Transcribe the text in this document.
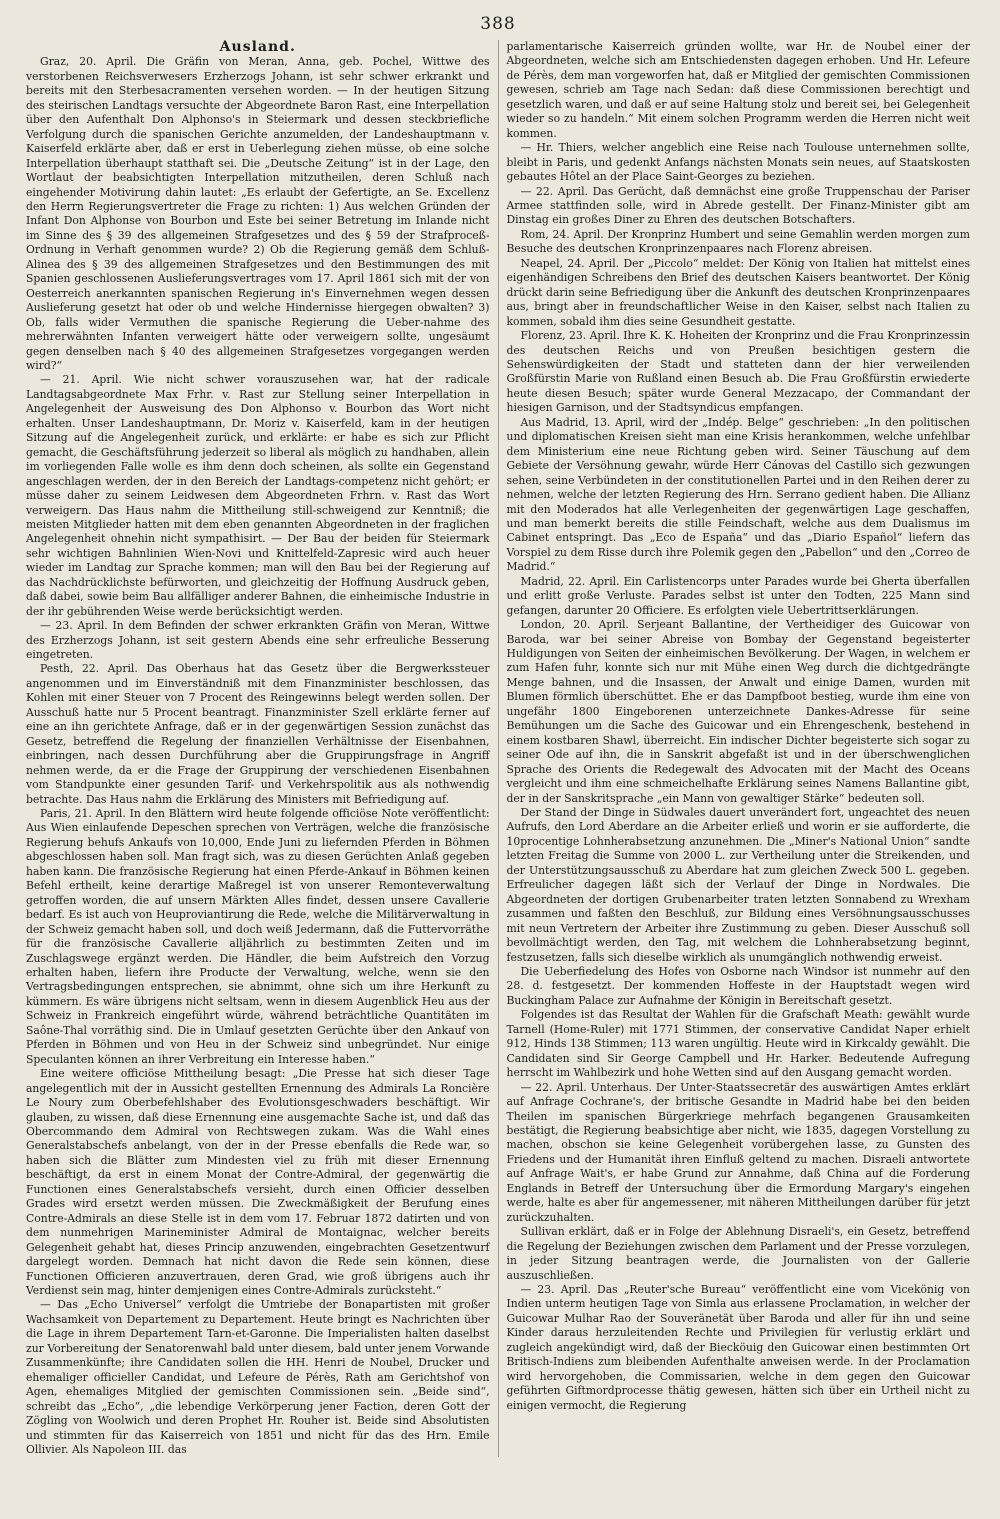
388
Ausland.

Graz, 20. April. Die Gräfin von Meran, Anna, geb. Pochel, Wittwe des verstorbenen Reichsverwesers Erzherzogs Johann, ist sehr schwer erkrankt und bereits mit den Sterbesacramenten versehen worden. — In der heutigen Sitzung des steirischen Landtags versuchte der Abgeordnete Baron Rast, eine Interpellation über den Aufenthalt Don Alphonso's in Steiermark und dessen steckbriefliche Verfolgung durch die spanischen Gerichte anzumelden, der Landeshauptmann v. Kaiserfeld erklärte aber, daß er erst in Ueberlegung ziehen müsse, ob eine solche Interpellation überhaupt statthaft sei. Die „Deutsche Zeitung“ ist in der Lage, den Wortlaut der beabsichtigten Interpellation mitzutheilen, deren Schluß nach eingehender Motivirung dahin lautet: „Es erlaubt der Gefertigte, an Se. Excellenz den Herrn Regierungsvertreter die Frage zu richten: 1) Aus welchen Gründen der Infant Don Alphonse von Bourbon und Este bei seiner Betretung im Inlande nicht im Sinne des § 39 des allgemeinen Strafgesetzes und des § 59 der Strafproceß-Ordnung in Verhaft genommen wurde? 2) Ob die Regierung gemäß dem Schluß-Alinea des § 39 des allgemeinen Strafgesetzes und den Bestimmungen des mit Spanien geschlossenen Auslieferungsvertrages vom 17. April 1861 sich mit der von Oesterreich anerkannten spanischen Regierung in's Einvernehmen wegen dessen Auslieferung gesetzt hat oder ob und welche Hindernisse hiergegen obwalten? 3) Ob, falls wider Vermuthen die spanische Regierung die Ueber-nahme des mehrerwähnten Infanten verweigert hätte oder verweigern sollte, ungesäumt gegen denselben nach § 40 des allgemeinen Strafgesetzes vorgegangen werden wird?“

— 21. April. Wie nicht schwer vorauszusehen war, hat der radicale Landtagsabgeordnete Max Frhr. v. Rast zur Stellung seiner Interpellation in Angelegenheit der Ausweisung des Don Alphonso v. Bourbon das Wort nicht erhalten. Unser Landeshauptmann, Dr. Moriz v. Kaiserfeld, kam in der heutigen Sitzung auf die Angelegenheit zurück, und erklärte: er habe es sich zur Pflicht gemacht, die Geschäftsführung jederzeit so liberal als möglich zu handhaben, allein im vorliegenden Falle wolle es ihm denn doch scheinen, als sollte ein Gegenstand angeschlagen werden, der in den Bereich der Landtags-competenz nicht gehört; er müsse daher zu seinem Leidwesen dem Abgeordneten Frhrn. v. Rast das Wort verweigern. Das Haus nahm die Mittheilung still-schweigend zur Kenntniß; die meisten Mitglieder hatten mit dem eben genannten Abgeordneten in der fraglichen Angelegenheit ohnehin nicht sympathisirt. — Der Bau der beiden für Steiermark sehr wichtigen Bahnlinien Wien-Novi und Knittelfeld-Zapresic wird auch heuer wieder im Landtag zur Sprache kommen; man will den Bau bei der Regierung auf das Nachdrücklichste befürworten, und gleichzeitig der Hoffnung Ausdruck geben, daß dabei, sowie beim Bau allfälliger anderer Bahnen, die einheimische Industrie in der ihr gebührenden Weise werde berücksichtigt werden.

— 23. April. In dem Befinden der schwer erkrankten Gräfin von Meran, Wittwe des Erzherzogs Johann, ist seit gestern Abends eine sehr erfreuliche Besserung eingetreten.

Pesth, 22. April. Das Oberhaus hat das Gesetz über die Bergwerkssteuer angenommen und im Einverständniß mit dem Finanzminister beschlossen, das Kohlen mit einer Steuer von 7 Procent des Reingewinns belegt werden sollen. Der Ausschuß hatte nur 5 Procent beantragt. Finanzminister Szell erklärte ferner auf eine an ihn gerichtete Anfrage, daß er in der gegenwärtigen Session zunächst das Gesetz, betreffend die Regelung der finanziellen Verhältnisse der Eisenbahnen, einbringen, nach dessen Durchführung aber die Gruppirungsfrage in Angriff nehmen werde, da er die Frage der Gruppirung der verschiedenen Eisenbahnen vom Standpunkte einer gesunden Tarif- und Verkehrspolitik aus als nothwendig betrachte. Das Haus nahm die Erklärung des Ministers mit Befriedigung auf.

Paris, 21. April. In den Blättern wird heute folgende officiöse Note veröffentlicht: Aus Wien einlaufende Depeschen sprechen von Verträgen, welche die französische Regierung behufs Ankaufs von 10,000, Ende Juni zu liefernden Pferden in Böhmen abgeschlossen haben soll. Man fragt sich, was zu diesen Gerüchten Anlaß gegeben haben kann. Die französische Regierung hat einen Pferde-Ankauf in Böhmen keinen Befehl ertheilt, keine derartige Maßregel ist von unserer Remonteverwaltung getroffen worden, die auf unsern Märkten Alles findet, dessen unsere Cavallerie bedarf. Es ist auch von Heuproviantirung die Rede, welche die Militärverwaltung in der Schweiz gemacht haben soll, und doch weiß Jedermann, daß die Futtervorräthe für die französische Cavallerie alljährlich zu bestimmten Zeiten und im Zuschlagswege ergänzt werden. Die Händler, die beim Aufstreich den Vorzug erhalten haben, liefern ihre Producte der Verwaltung, welche, wenn sie den Vertragsbedingungen entsprechen, sie abnimmt, ohne sich um ihre Herkunft zu kümmern. Es wäre übrigens nicht seltsam, wenn in diesem Augenblick Heu aus der Schweiz in Frankreich eingeführt würde, während beträchtliche Quantitäten im Saône-Thal vorräthig sind. Die in Umlauf gesetzten Gerüchte über den Ankauf von Pferden in Böhmen und von Heu in der Schweiz sind unbegründet. Nur einige Speculanten können an ihrer Verbreitung ein Interesse haben.“

Eine weitere officiöse Mittheilung besagt: „Die Presse hat sich dieser Tage angelegentlich mit der in Aussicht gestellten Ernennung des Admirals La Roncière Le Noury zum Oberbefehlshaber des Evolutionsgeschwaders beschäftigt. Wir glauben, zu wissen, daß diese Ernennung eine ausgemachte Sache ist, und daß das Obercommando dem Admiral von Rechtswegen zukam. Was die Wahl eines Generalstabschefs anbelangt, von der in der Presse ebenfalls die Rede war, so haben sich die Blätter zum Mindesten viel zu früh mit dieser Ernennung beschäftigt, da erst in einem Monat der Contre-Admiral, der gegenwärtig die Functionen eines Generalstabschefs versieht, durch einen Officier desselben Grades wird ersetzt werden müssen. Die Zweckmäßigkeit der Berufung eines Contre-Admirals an diese Stelle ist in dem vom 17. Februar 1872 datirten und von dem nunmehrigen Marineminister Admiral de Montaignac, welcher bereits Gelegenheit gehabt hat, dieses Princip anzuwenden, eingebrachten Gesetzentwurf dargelegt worden. Demnach hat nicht davon die Rede sein können, diese Functionen Officieren anzuvertrauen, deren Grad, wie groß übrigens auch ihr Verdienst sein mag, hinter demjenigen eines Contre-Admirals zurücksteht.“

— Das „Echo Universel“ verfolgt die Umtriebe der Bonapartisten mit großer Wachsamkeit von Departement zu Departement. Heute bringt es Nachrichten über die Lage in ihrem Departement Tarn-et-Garonne. Die Imperialisten halten daselbst zur Vorbereitung der Senatorenwahl bald unter diesem, bald unter jenem Vorwande Zusammenkünfte; ihre Candidaten sollen die HH. Henri de Noubel, Drucker und ehemaliger officieller Candidat, und Lefeure de Pérès, Rath am Gerichtshof von Agen, ehemaliges Mitglied der gemischten Commissionen sein. „Beide sind“, schreibt das „Echo“, „die lebendige Verkörperung jener Faction, deren Gott der Zögling von Woolwich und deren Prophet Hr. Rouher ist. Beide sind Absolutisten und stimmten für das Kaiserreich von 1851 und nicht für das des Hrn. Emile Ollivier. Als Napoleon III. das

parlamentarische Kaiserreich gründen wollte, war Hr. de Noubel einer der Abgeordneten, welche sich am Entschiedensten dagegen erhoben. Und Hr. Lefeure de Pérès, dem man vorgeworfen hat, daß er Mitglied der gemischten Commissionen gewesen, schrieb am Tage nach Sedan: daß diese Commissionen berechtigt und gesetzlich waren, und daß er auf seine Haltung stolz und bereit sei, bei Gelegenheit wieder so zu handeln.“ Mit einem solchen Programm werden die Herren nicht weit kommen.

— Hr. Thiers, welcher angeblich eine Reise nach Toulouse unternehmen sollte, bleibt in Paris, und gedenkt Anfangs nächsten Monats sein neues, auf Staatskosten gebautes Hôtel an der Place Saint-Georges zu beziehen.

— 22. April. Das Gerücht, daß demnächst eine große Truppenschau der Pariser Armee stattfinden solle, wird in Abrede gestellt. Der Finanz-Minister gibt am Dinstag ein großes Diner zu Ehren des deutschen Botschafters.

Rom, 24. April. Der Kronprinz Humbert und seine Gemahlin werden morgen zum Besuche des deutschen Kronprinzenpaares nach Florenz abreisen.

Neapel, 24. April. Der „Piccolo“ meldet: Der König von Italien hat mittelst eines eigenhändigen Schreibens den Brief des deutschen Kaisers beantwortet. Der König drückt darin seine Befriedigung über die Ankunft des deutschen Kronprinzenpaares aus, bringt aber in freundschaftlicher Weise in den Kaiser, selbst nach Italien zu kommen, sobald ihm dies seine Gesundheit gestatte.

Florenz, 23. April. Ihre K. K. Hoheiten der Kronprinz und die Frau Kronprinzessin des deutschen Reichs und von Preußen besichtigen gestern die Sehenswürdigkeiten der Stadt und statteten dann der hier verweilenden Großfürstin Marie von Rußland einen Besuch ab. Die Frau Großfürstin erwiederte heute diesen Besuch; später wurde General Mezzacapo, der Commandant der hiesigen Garnison, und der Stadtsyndicus empfangen.

Aus Madrid, 13. April, wird der „Indép. Belge“ geschrieben: „In den politischen und diplomatischen Kreisen sieht man eine Krisis herankommen, welche unfehlbar dem Ministerium eine neue Richtung geben wird. Seiner Täuschung auf dem Gebiete der Versöhnung gewahr, würde Herr Cánovas del Castillo sich gezwungen sehen, seine Verbündeten in der constitutionellen Partei und in den Reihen derer zu nehmen, welche der letzten Regierung des Hrn. Serrano gedient haben. Die Allianz mit den Moderados hat alle Verlegenheiten der gegenwärtigen Lage geschaffen, und man bemerkt bereits die stille Feindschaft, welche aus dem Dualismus im Cabinet entspringt. Das „Eco de España“ und das „Diario Español“ liefern das Vorspiel zu dem Risse durch ihre Polemik gegen den „Pabellon“ und den „Correo de Madrid.“

Madrid, 22. April. Ein Carlistencorps unter Parades wurde bei Gherta überfallen und erlitt große Verluste. Parades selbst ist unter den Todten, 225 Mann sind gefangen, darunter 20 Officiere. Es erfolgten viele Uebertrittserklärungen.

London, 20. April. Serjeant Ballantine, der Vertheidiger des Guicowar von Baroda, war bei seiner Abreise von Bombay der Gegenstand begeisterter Huldigungen von Seiten der einheimischen Bevölkerung. Der Wagen, in welchem er zum Hafen fuhr, konnte sich nur mit Mühe einen Weg durch die dichtgedrängte Menge bahnen, und die Insassen, der Anwalt und einige Damen, wurden mit Blumen förmlich überschüttet. Ehe er das Dampfboot bestieg, wurde ihm eine von ungefähr 1800 Eingeborenen unterzeichnete Dankes-Adresse für seine Bemühungen um die Sache des Guicowar und ein Ehrengeschenk, bestehend in einem kostbaren Shawl, überreicht. Ein indischer Dichter begeisterte sich sogar zu seiner Ode auf ihn, die in Sanskrit abgefaßt ist und in der überschwenglichen Sprache des Orients die Redegewalt des Advocaten mit der Macht des Oceans vergleicht und ihm eine schmeichelhafte Erklärung seines Namens Ballantine gibt, der in der Sanskritsprache „ein Mann von gewaltiger Stärke“ bedeuten soll.

Der Stand der Dinge in Südwales dauert unverändert fort, ungeachtet des neuen Aufrufs, den Lord Aberdare an die Arbeiter erließ und worin er sie aufforderte, die 10procentige Lohnherabsetzung anzunehmen. Die „Miner's National Union“ sandte letzten Freitag die Summe von 2000 L. zur Vertheilung unter die Streikenden, und der Unterstützungsausschuß zu Aberdare hat zum gleichen Zweck 500 L. gegeben. Erfreulicher dagegen läßt sich der Verlauf der Dinge in Nordwales. Die Abgeordneten der dortigen Grubenarbeiter traten letzten Sonnabend zu Wrexham zusammen und faßten den Beschluß, zur Bildung eines Versöhnungsausschusses mit neun Vertretern der Arbeiter ihre Zustimmung zu geben. Dieser Ausschuß soll bevollmächtigt werden, den Tag, mit welchem die Lohnherabsetzung beginnt, festzusetzen, falls sich dieselbe wirklich als unumgänglich nothwendig erweist.

Die Ueberfiedelung des Hofes von Osborne nach Windsor ist nunmehr auf den 28. d. festgesetzt. Der kommenden Hoffeste in der Hauptstadt wegen wird Buckingham Palace zur Aufnahme der Königin in Bereitschaft gesetzt.

Folgendes ist das Resultat der Wahlen für die Grafschaft Meath: gewählt wurde Tarnell (Home-Ruler) mit 1771 Stimmen, der conservative Candidat Naper erhielt 912, Hinds 138 Stimmen; 113 waren ungültig. Heute wird in Kirkcaldy gewählt. Die Candidaten sind Sir George Campbell und Hr. Harker. Bedeutende Aufregung herrscht im Wahlbezirk und hohe Wetten sind auf den Ausgang gemacht worden.

— 22. April. Unterhaus. Der Unter-Staatssecretär des auswärtigen Amtes erklärt auf Anfrage Cochrane's, der britische Gesandte in Madrid habe bei den beiden Theilen im spanischen Bürgerkriege mehrfach begangenen Grausamkeiten bestätigt, die Regierung beabsichtige aber nicht, wie 1835, dagegen Vorstellung zu machen, obschon sie keine Gelegenheit vorübergehen lasse, zu Gunsten des Friedens und der Humanität ihren Einfluß geltend zu machen. Disraeli antwortete auf Anfrage Wait's, er habe Grund zur Annahme, daß China auf die Forderung Englands in Betreff der Untersuchung über die Ermordung Margary's eingehen werde, halte es aber für angemessener, mit näheren Mittheilungen darüber für jetzt zurückzuhalten.

Sullivan erklärt, daß er in Folge der Ablehnung Disraeli's, ein Gesetz, betreffend die Regelung der Beziehungen zwischen dem Parlament und der Presse vorzulegen, in jeder Sitzung beantragen werde, die Journalisten von der Gallerie auszuschließen.

— 23. April. Das „Reuter'sche Bureau“ veröffentlicht eine vom Vicekönig von Indien unterm heutigen Tage von Simla aus erlassene Proclamation, in welcher der Guicowar Mulhar Rao der Souveränetät über Baroda und aller für ihn und seine Kinder daraus herzuleitenden Rechte und Privilegien für verlustig erklärt und zugleich angekündigt wird, daß der Biecköuig den Guicowar einen bestimmten Ort Britisch-Indiens zum bleibenden Aufenthalte anweisen werde. In der Proclamation wird hervorgehoben, die Commissarien, welche in dem gegen den Guicowar geführten Giftmordprocesse thätig gewesen, hätten sich über ein Urtheil nicht zu einigen vermocht, die Regierung
